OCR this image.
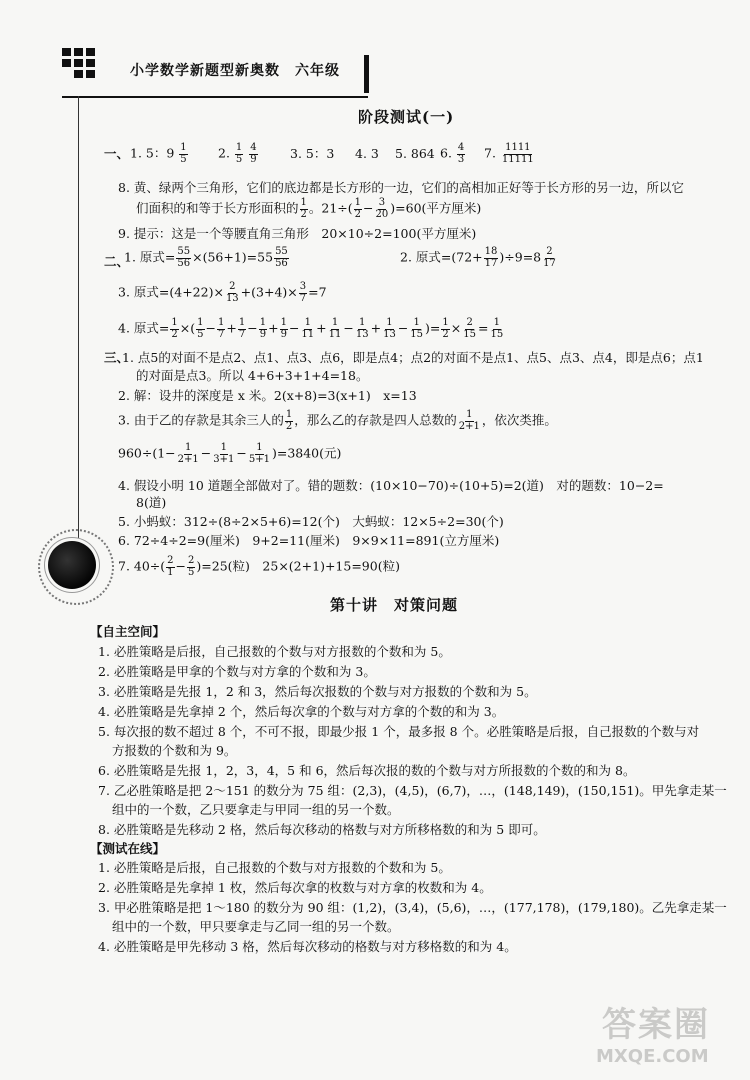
小学数学新题型新奥数　六年级
阶段测试(一)
一、 1. 5：$9 \frac{1}{5} 2$. $\frac{1}{5}$
$\frac{4}{9}$	3. 5：3 4. 3 5. 864 6. $\frac{4}{3} 7$. $\frac{1111}{11111}$
8. 黄、绿两个三角形，它们的底边都是长方形的一边，它们的高相加正好等于长方形的另一边，所以它
们面积的和等于长方形面积的 $\frac{1}{2}$ 。$21\div( \frac{1}{2} - \frac{3}{20} )=60$(平方厘米)
9. 提示：这是一个等腰直角三角形　20×10÷2=100(平方厘米)
二、
1. 原式= $\frac{55}{56} \times(56+1)=55 \frac{55}{56}$	2. 原式$=(72+ \frac{18}{17} )\div 9=8 \frac{2}{17}$
3. 原式$=(4+22)\times \frac{2}{13} +(3+4)\times \frac{3}{7} =7$
4. 原式= $\frac{1}{2}$ ×( $\frac{1}{5} - \frac{1}{7} + \frac{1}{7} - \frac{1}{9} + \frac{1}{9} - \frac{1}{11} + \frac{1}{11} - \frac{1}{13} + \frac{1}{13} - \frac{1}{15}$ )= $\frac{1}{2} \times \frac{2}{15} = \frac{1}{15}$
三、
1. 点5的对面不是点2、点1、点3、点6，即是点4；点2的对面不是点1、点5、点3、点4，即是点6；点1
的对面是点3。所以 4+6+3+1+4=18。
2. 解：设井的深度是 x 米。2(x+8)=3(x+1)　x=13
3. 由于乙的存款是其余三人的 $\frac{1}{2}$ ，那么乙的存款是四人总数的 $\frac{1}{2+1}$ ，依次类推。
$960\div(1- \frac{1}{2+1} - \frac{1}{3+1} - \frac{1}{5+1} )=3840$(元)
4. 假设小明 10 道题全部做对了。错的题数：(10×10−70)÷(10+5)=2(道)　对的题数：10−2=
8(道)
5. 小蚂蚁：312÷(8÷2×5+6)=12(个)　大蚂蚁：12×5÷2=30(个)
6. 72÷4÷2=9(厘米)　9+2=11(厘米)　9×9×11=891(立方厘米)
7. $40\div( \frac{2}{1} - \frac{2}{5} )=25$(粒)　25×(2+1)+15=90(粒)
第十讲　对策问题
【自主空间】
1. 必胜策略是后报，自己报数的个数与对方报数的个数和为 5。
2. 必胜策略是甲拿的个数与对方拿的个数和为 3。
3. 必胜策略是先报 1，2 和 3，然后每次报数的个数与对方报数的个数和为 5。
4. 必胜策略是先拿掉 2 个，然后每次拿的个数与对方拿的个数的和为 3。
5. 每次报的数不超过 8 个，不可不报，即最少报 1 个，最多报 8 个。必胜策略是后报，自己报数的个数与对
方报数的个数和为 9。
6. 必胜策略是先报 1，2，3，4，5 和 6，然后每次报的数的个数与对方所报数的个数的和为 8。
7. 乙必胜策略是把 2～151 的数分为 75 组：(2,3)，(4,5)，(6,7)，…，(148,149)，(150,151)。甲先拿走某一
组中的一个数，乙只要拿走与甲同一组的另一个数。
8. 必胜策略是先移动 2 格，然后每次移动的格数与对方所移格数的和为 5 即可。
【测试在线】
1. 必胜策略是后报，自己报数的个数与对方报数的个数和为 5。
2. 必胜策略是先拿掉 1 枚，然后每次拿的枚数与对方拿的枚数和为 4。
3. 甲必胜策略是把 1～180 的数分为 90 组：(1,2)，(3,4)，(5,6)，…，(177,178)，(179,180)。乙先拿走某一
组中的一个数，甲只要拿走与乙同一组的另一个数。
4. 必胜策略是甲先移动 3 格，然后每次移动的格数与对方移格数的和为 4。
答案圈
MXQE.COM
